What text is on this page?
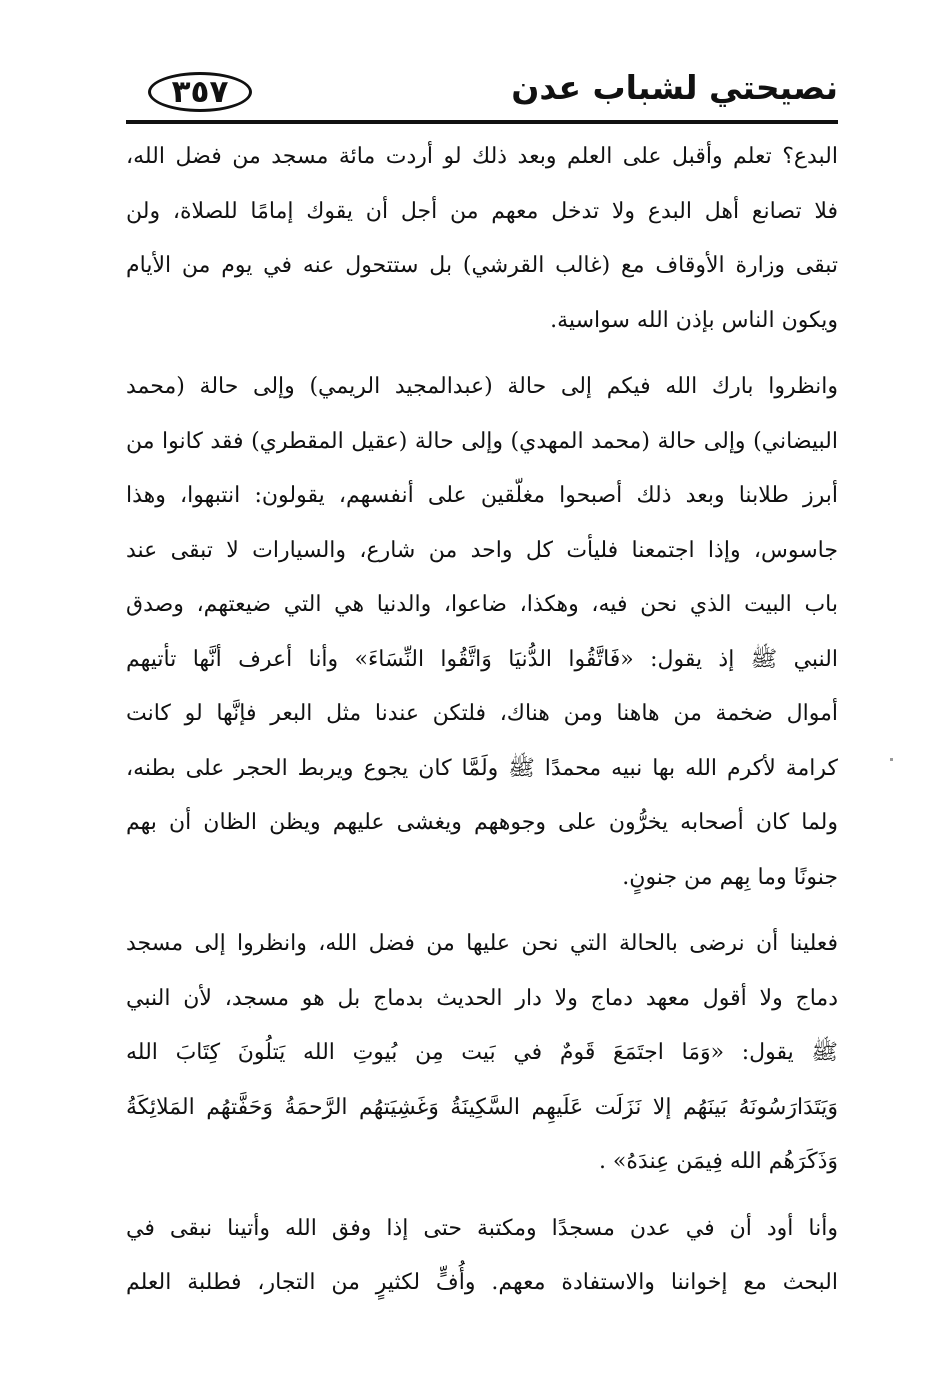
نصيحتي لشباب عدن
٣٥٧
البدع؟ تعلم وأقبل على العلم وبعد ذلك لو أردت مائة مسجد من فضل الله،
فلا تصانع أهل البدع ولا تدخل معهم من أجل أن يقوك إمامًا للصلاة، ولن
تبقى وزارة الأوقاف مع (غالب القرشي) بل ستتحول عنه في يوم من الأيام
ويكون الناس بإذن الله سواسية.
وانظروا بارك الله فيكم إلى حالة (عبدالمجيد الريمي) وإلى حالة (محمد
البيضاني) وإلى حالة (محمد المهدي) وإلى حالة (عقيل المقطري) فقد كانوا من
أبرز طلابنا وبعد ذلك أصبحوا مغلّقين على أنفسهم، يقولون: انتبهوا، وهذا
جاسوس، وإذا اجتمعنا فليأت كل واحد من شارع، والسيارات لا تبقى عند
باب البيت الذي نحن فيه، وهكذا، ضاعوا، والدنيا هي التي ضيعتهم، وصدق
النبي ﷺ إذ يقول: «فَاتَّقُوا الدُّنيَا وَاتَّقُوا النِّسَاءَ» وأنا أعرف أنَّها تأتيهم
أموال ضخمة من هاهنا ومن هناك، فلتكن عندنا مثل البعر فإنَّها لو كانت
كرامة لأكرم الله بها نبيه محمدًا ﷺ ولَمَّا كان يجوع ويربط الحجر على بطنه،
ولما كان أصحابه يخرُّون على وجوههم ويغشى عليهم ويظن الظان أن بهم
جنونًا وما بِهم من جنونٍ.
فعلينا أن نرضى بالحالة التي نحن عليها من فضل الله، وانظروا إلى مسجد
دماج ولا أقول معهد دماج ولا دار الحديث بدماج بل هو مسجد، لأن النبي
ﷺ يقول: «وَمَا اجتَمَعَ قَومٌ في بَيت مِن بُيوتِ الله يَتلُونَ كِتَابَ الله
وَيَتَدَارَسُونَهُ بَينَهُم إلا نَزَلَت عَلَيهِم السَّكِينَةُ وَغَشِيَتهُم الرَّحمَةُ وَحَفَّتهُم المَلائِكَةُ
وَذَكَرَهُم الله فِيمَن عِندَهُ» .
وأنا أود أن في عدن مسجدًا ومكتبة حتى إذا وفق الله وأتينا نبقى في
البحث مع إخواننا والاستفادة معهم. وأُفٍّ لكثيرٍ من التجار، فطلبة العلم
